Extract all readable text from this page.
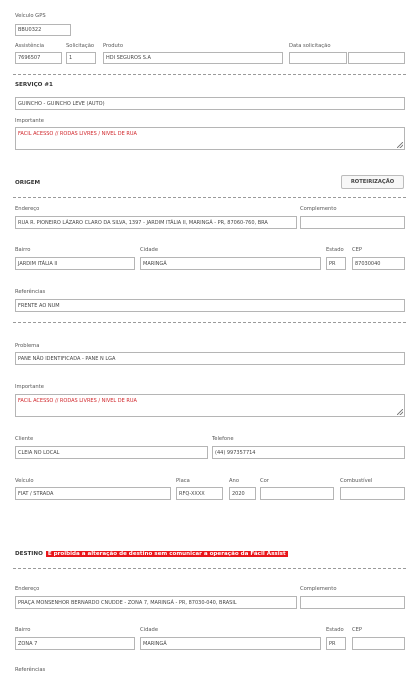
Veículo GPS
BBU0322
Assistência
7696507
Solicitação
1
Produto
HDI SEGUROS S.A
Data solicitação
SERVIÇO #1
GUINCHO - GUINCHO LEVE (AUTO)
Importante
FACIL ACESSO // RODAS LIVRES / NIVEL DE RUA
ORIGEM	ROTEIRIZAÇÃO
Endereço
RUA R. PIONEIRO LÁZARO CLARO DA SILVA, 1397 - JARDIM ITÁLIA II, MARINGÁ - PR, 87060-760, BRA
Complemento
Bairro
JARDIM ITÁLIA II
Cidade
MARINGÁ
Estado
PR
CEP
87030040
Referências
FRENTE AO NUM
Problema
PANE NÃO IDENTIFICADA - PANE N LGA
Importante
FACIL ACESSO // RODAS LIVRES / NIVEL DE RUA
Cliente
CLEIA NO LOCAL
Telefone
(44) 997357714
Veículo
FIAT / STRADA
Placa
RFQ-XXXX
Ano
2020
Cor	Combustível
DESTINO É proibida a alteração de destino sem comunicar a operação da Fácil Assist
Endereço
PRAÇA MONSENHOR BERNARDO CNUDDE - ZONA 7, MARINGÁ - PR, 87030-040, BRASIL
Complemento
Bairro
ZONA 7
Cidade
MARINGÁ
Estado
PR
CEP
Referências
